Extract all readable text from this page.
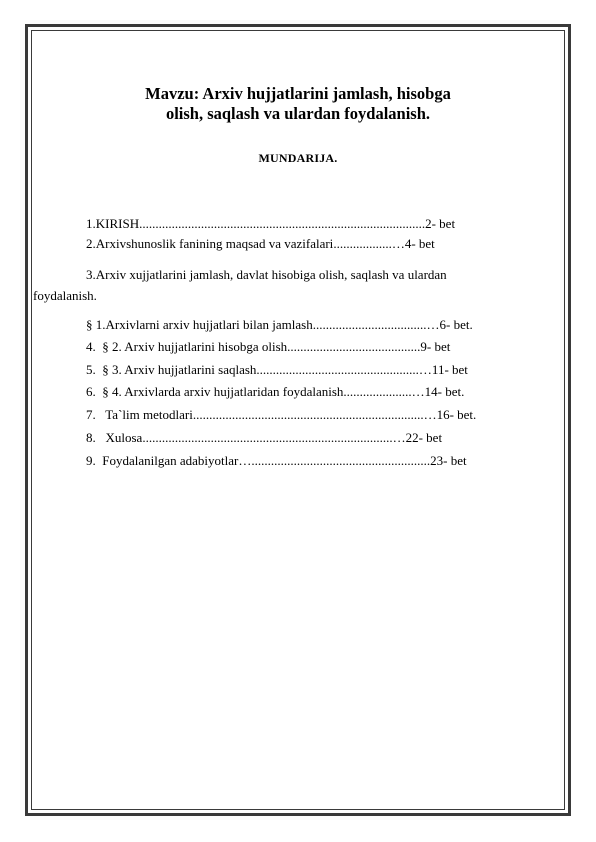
Mavzu: Arxiv hujjatlarini jamlash, hisobga
olish, saqlash va ulardan foydalanish.
MUNDARIJA.
1.KIRISH........................................................................................2- bet
2.Arxivshunoslik fanining maqsad va vazifalari..................…4- bet
3.Arxiv xujjatlarini jamlash, davlat hisobiga olish, saqlash va ulardan
foydalanish.
§ 1.Arxivlarni arxiv hujjatlari bilan jamlash...................................…6- bet.
4. § 2. Arxiv hujjatlarini hisobga olish.........................................9- bet
5. § 3. Arxiv hujjatlarini saqlash..................................................…11- bet
6. § 4. Arxivlarda arxiv hujjatlaridan foydalanish.....................…14- bet.
7.   Ta`lim metodlari.......................................................................…16- bet.
8.   Xulosa.............................................................................…22- bet
9. Foydalanilgan adabiyotlar….......................................................23- bet
